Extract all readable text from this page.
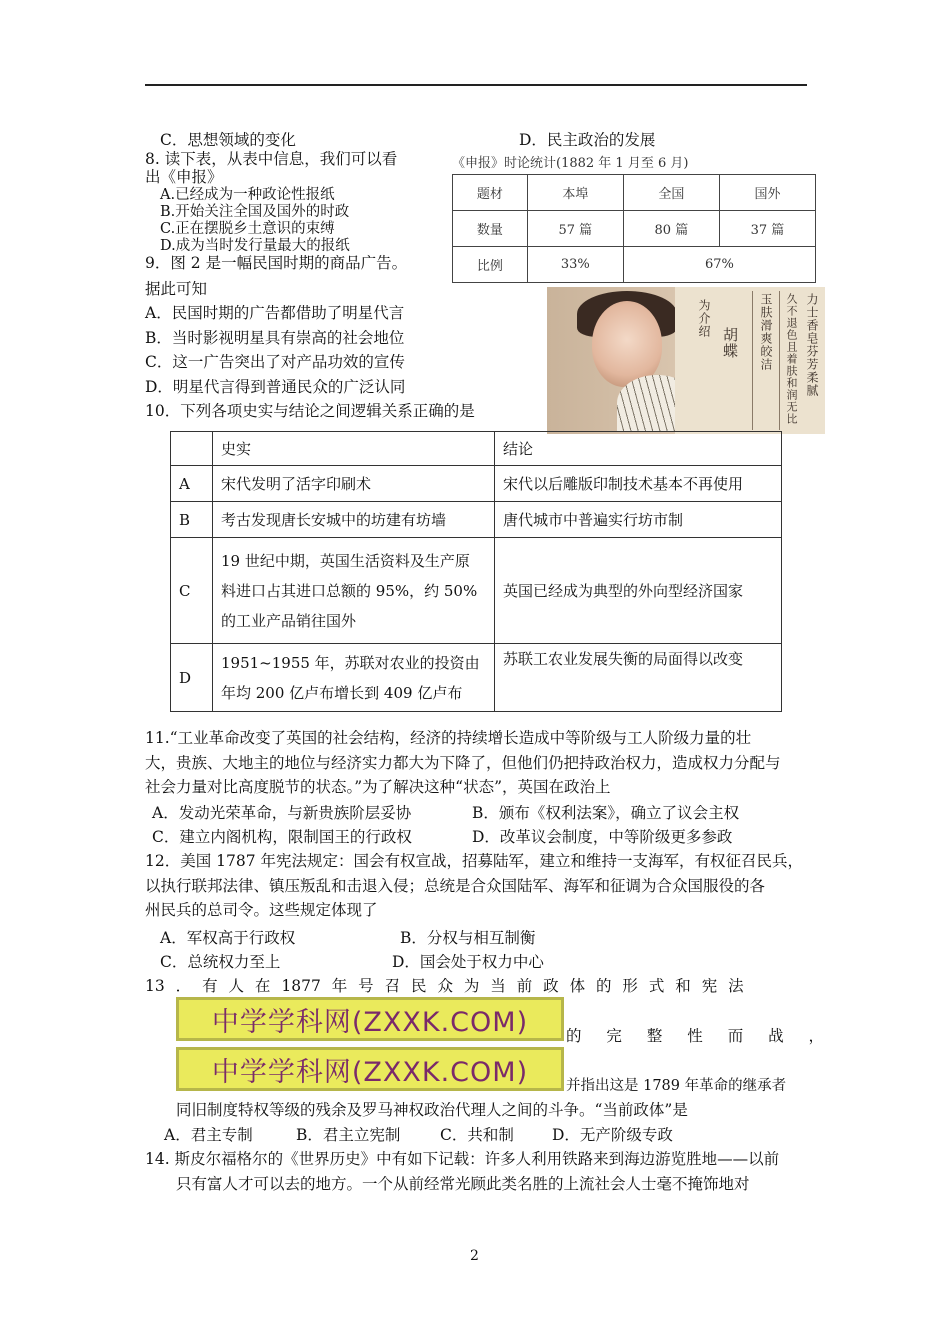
C．思想领域的变化	D．民主政治的发展
8. 读下表，从表中信息，我们可以看
出《申报》
A.已经成为一种政论性报纸
B.开始关注全国及国外的时政
C.正在摆脱乡土意识的束缚
D.成为当时发行量最大的报纸
《申报》时论统计(1882 年 1 月至 6 月)
题材	本埠	全国	国外
数量	57 篇	80 篇	37 篇
比例	33%	67%	
9．图 2 是一幅民国时期的商品广告。
据此可知
A．民国时期的广告都借助了明星代言
B．当时影视明星具有崇高的社会地位
C．这一广告突出了对产品功效的宣传
D．明星代言得到普通民众的广泛认同	力士香皂芬芳柔腻
久不退色且着肤和润无比
玉肤滑爽皎洁
胡蝶
为介绍
10．下列各项史实与结论之间逻辑关系正确的是
	史实	结论
A	宋代发明了活字印刷术	宋代以后雕版印制技术基本不再使用
B	考古发现唐长安城中的坊建有坊墙	唐代城市中普遍实行坊市制
C	19 世纪中期，英国生活资料及生产原
料进口占其进口总额的 95%，约 50%
的工业产品销往国外	英国已经成为典型的外向型经济国家
D	1951~1955 年，苏联对农业的投资由
年均 200 亿卢布增长到 409 亿卢布	苏联工农业发展失衡的局面得以改变
11.“工业革命改变了英国的社会结构，经济的持续增长造成中等阶级与工人阶级力量的壮
大，贵族、大地主的地位与经济实力都大为下降了，但他们仍把持政治权力，造成权力分配与
社会力量对比高度脱节的状态。”为了解决这种“状态”，英国在政治上
A．发动光荣革命，与新贵族阶层妥协	B．颁布《权利法案》，确立了议会主权
C．建立内阁机构，限制国王的行政权	D．改革议会制度，中等阶级更多参政
12．美国 1787 年宪法规定：国会有权宣战，招募陆军，建立和维持一支海军，有权征召民兵，
以执行联邦法律、镇压叛乱和击退入侵；总统是合众国陆军、海军和征调为合众国服役的各
州民兵的总司令。这些规定体现了
A．军权高于行政权	B．分权与相互制衡
C．总统权力至上	D．国会处于权力中心
13 ． 有 人 在 1877 年 号 召 民 众 为 当 前 政 体 的 形 式 和 宪 法
中学学科网(ZXXK.COM)	的 完 整 性 而 战 ，
中学学科网(ZXXK.COM)	并指出这是 1789 年革命的继承者
同旧制度特权等级的残余及罗马神权政治代理人之间的斗争。“当前政体”是
A．君主专制	B．君主立宪制	C．共和制 D．无产阶级专政
14. 斯皮尔福格尔的《世界历史》中有如下记载：许多人利用铁路来到海边游览胜地——以前
只有富人才可以去的地方。一个从前经常光顾此类名胜的上流社会人士毫不掩饰地对
2
